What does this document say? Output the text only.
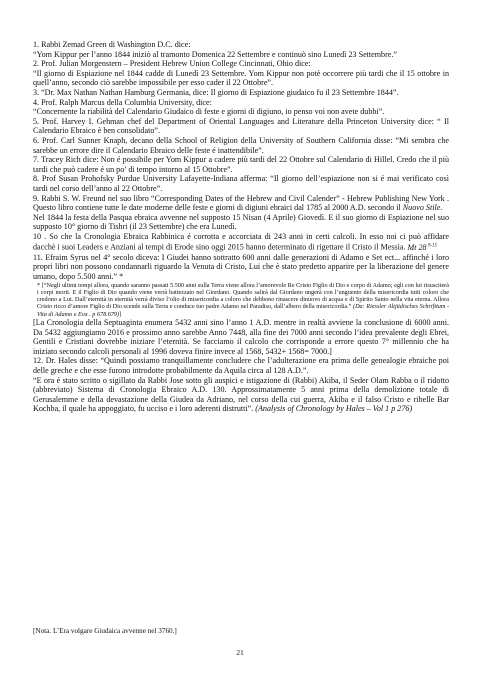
1. Rabbi Zemad Green di Washington D.C. dice:

“Yom Kippur per l’anno 1844 iniziò al tramonto Domenica 22 Settembre e continuò sino Lunedì 23 Settembre.”

2. Prof. Julian Morgenstern – President Hebrew Union College Cincinnati, Ohio dice:

“Il giorno di Espiazione nel 1844 cadde di Lunedì 23 Settembre. Yom Kippur non potè occorrere più tardi che il 15 ottobre in quell’anno, secondo ciò sarebbe impossibile per esso cader il 22 Ottobre”.

3. “Dr. Max Nathan Nathan Hamburg Germania, dice: Il giorno di Espiazione giudaico fu il 23 Settembre 1844”.

4. Prof. Ralph Marcus della Columbia University, dice:

“Concernente la riabilità del Calendario Giudaico di feste e giorni di digiuno, io penso voi non avete dubbi”.

5. Prof. Harvey I. Gehman chef del Department of Oriental Languages and Literature della Princeton University dice: “ Il Calendario Ebraico è ben consolidato”.

6. Prof. Carl Sunner Knaph, decano della School of Religion della University of Southern California disse: “Mi sembra che sarebbe un errore dire il Calendario Ebraico delle feste é inattendibile”.

7. Tracey Rich dice: Non é possibile per Yom Kippur a cadere più tardi del 22 Ottobre sul Calendario di Hillel. Credo che il più tardi che può cadere é un po’ di tempo intorno al 15 Ottobre”.

8. Prof Susan Prohofsky Purdue University Lafayette-Indiana afferma: “Il giorno dell’espiazione non si é mai verificato così tardi nel corso dell’anno al 22 Ottobre”.

9. Rabbi S. W. Freund nel suo libro “Corresponding Dates of the Hebrew and Civil Calender” - Hebrew Publishing New York . Questo libro contiene tutte le date moderne delle feste e giorni di digiuni ebraici dal 1785 al 2000 A.D. secondo il Nuovo Stile.

Nel 1844 la festa della Pasqua ebraica avvenne nel supposto 15 Nisan (4 Aprile) Giovedì. E il suo giorno di Espiazione nel suo supposto 10° giorno di Tishri (il 23 Settembre) che era Lunedì.

10 . So che la Cronologia Ebraica Rabbinica é corrotta e accorciata di 243 anni in certi calcoli. In esso noi ci può affidare dacchè i suoi Leaders e Anziani al tempi di Erode sino oggi 2015 hanno determinato di rigettare il Cristo il Messia. Mt 28 $^{9-15}$

11. Efraim Syrus nel 4° secolo diceva: I Giudei hanno sottratto 600 anni dalle generazioni di Adamo e Set ect... affinché i loro propri libri non possono condannarli riguardo la Venuta di Cristo, Lui che è stato predetto apparire per la liberazione del genere umano, dopo 5.500 anni.” *

* [“Negli ultimi tempi allora, quando saranno passati 5.500 anni sulla Terra viene allora l’amorevole Re Cristo Figlio di Dio e corpo di Adamo; egli con lui risusciterà i corpi morti. E il Figlio di Dio quando viene verrà battezzato nel Giordano. Quando salirà dal Giordano ungerà con l’unguento della misericordia tutti coloro che credono a Lui. Dall’eternità in eternità verrà diviso l’olio di misericordia a coloro che debbono rinascere dinuovo di acqua e di Spirito Santo nella vita eterna. Allora Cristo ricco d’amore Figlio di Dio scende sulla Terra e conduce tuo padre Adamo nel Paradiso, dall’albero della misericordia.” (Da: Riessler Altjüdisches Schrifttum - Vita di Adamo e Eva . p 678.679)]

[La Cronologia della Septuaginta enumera 5432 anni sino l’anno 1 A.D. mentre in realtà avviene la conclusione di 6000 anni. Da 5432 aggiungiamo 2016 e prossimo anno sarebbe Anno 7448, alla fine dei 7000 anni secondo l’idea prevalente degli Ebrei, Gentili e Cristiani dovrebbe iniziare l’eternità. Se facciamo il calcolo che corrisponde a errore questo 7° millennio che ha iniziato secondo calcoli personali al 1996 doveva finire invece al 1568, 5432+ 1568= 7000.]

12. Dr. Hales disse: “Quindi possiamo tranquillamente concludere che l’adulterazione era prima delle genealogie ebraiche poi delle greche e che esse furono introdotte probabilmente da Aquila circa al 128 A.D.”.

“E ora é stato scritto o sigillato da Rabbi Jose sotto gli auspici e istigazione di (Rabbi) Akiba, il Seder Olam Rabba o il ridotto (abbreviato) Sistema di Cronologia Ebraico A.D. 130. Approssimatamente 5 anni prima della demolizione totale di Gerusalemme e della devastazione della Giudea da Adriano, nel corso della cui guerra, Akiba e il falso Cristo e ribelle Bar Kochba, il quale ha appoggiato, fu ucciso e i loro aderenti distrutti”. (Analysis of Chronology by Hales – Vol 1 p 276)

[Nota. L’Era volgare Giudaica avvenne nel 3760.]
21
